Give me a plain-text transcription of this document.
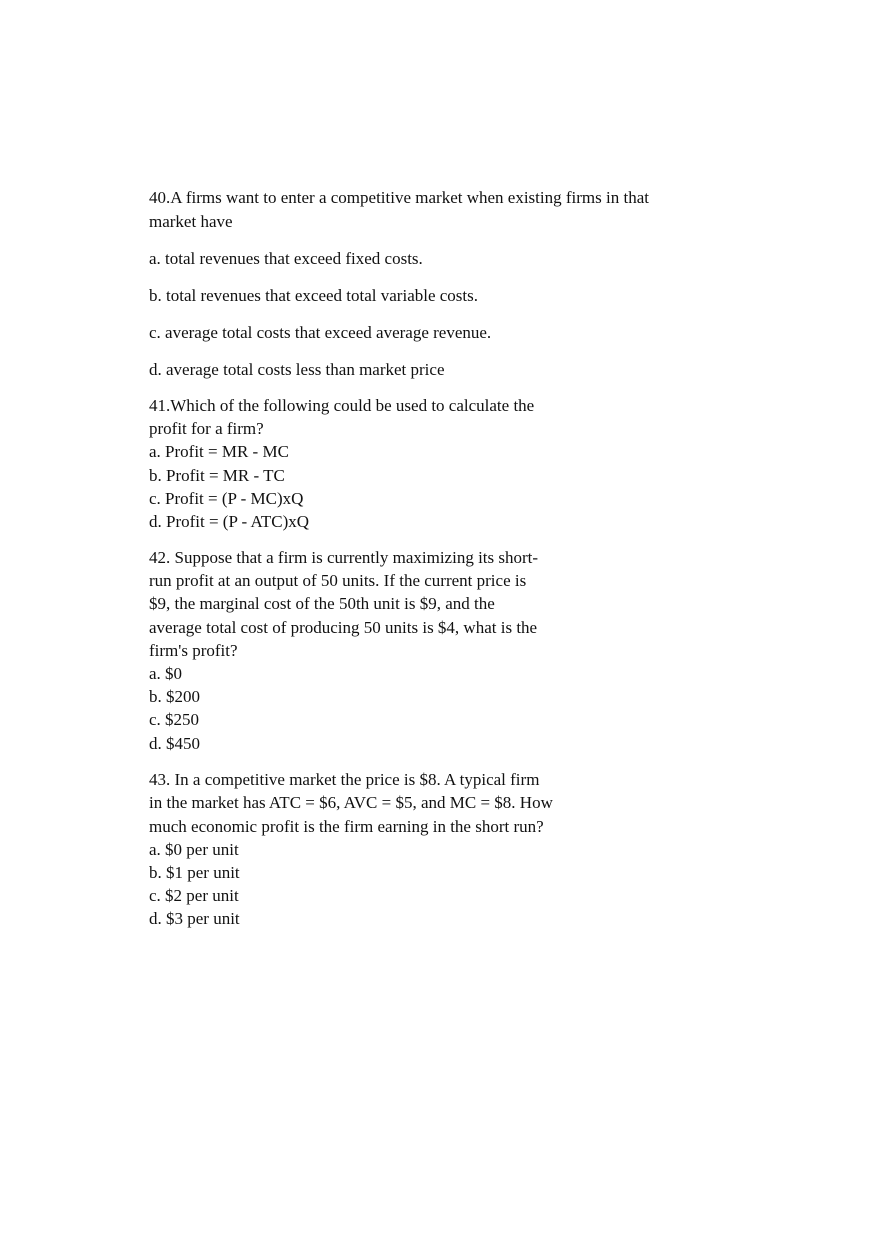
40.A firms want to enter a competitive market when existing firms in that
market have
a. total revenues that exceed fixed costs.
b. total revenues that exceed total variable costs.
c. average total costs that exceed average revenue.
d. average total costs less than market price
41.Which of the following could be used to calculate the
profit for a firm?
a. Profit = MR - MC
b. Profit = MR - TC
c. Profit = (P - MC)xQ
d. Profit = (P - ATC)xQ
42. Suppose that a firm is currently maximizing its short-
run profit at an output of 50 units. If the current price is
$9, the marginal cost of the 50th unit is $9, and the
average total cost of producing 50 units is $4, what is the
firm's profit?
a. $0
b. $200
c. $250
d. $450
43. In a competitive market the price is $8. A typical firm
in the market has ATC = $6, AVC = $5, and MC = $8. How
much economic profit is the firm earning in the short run?
a. $0 per unit
b. $1 per unit
c. $2 per unit
d. $3 per unit
